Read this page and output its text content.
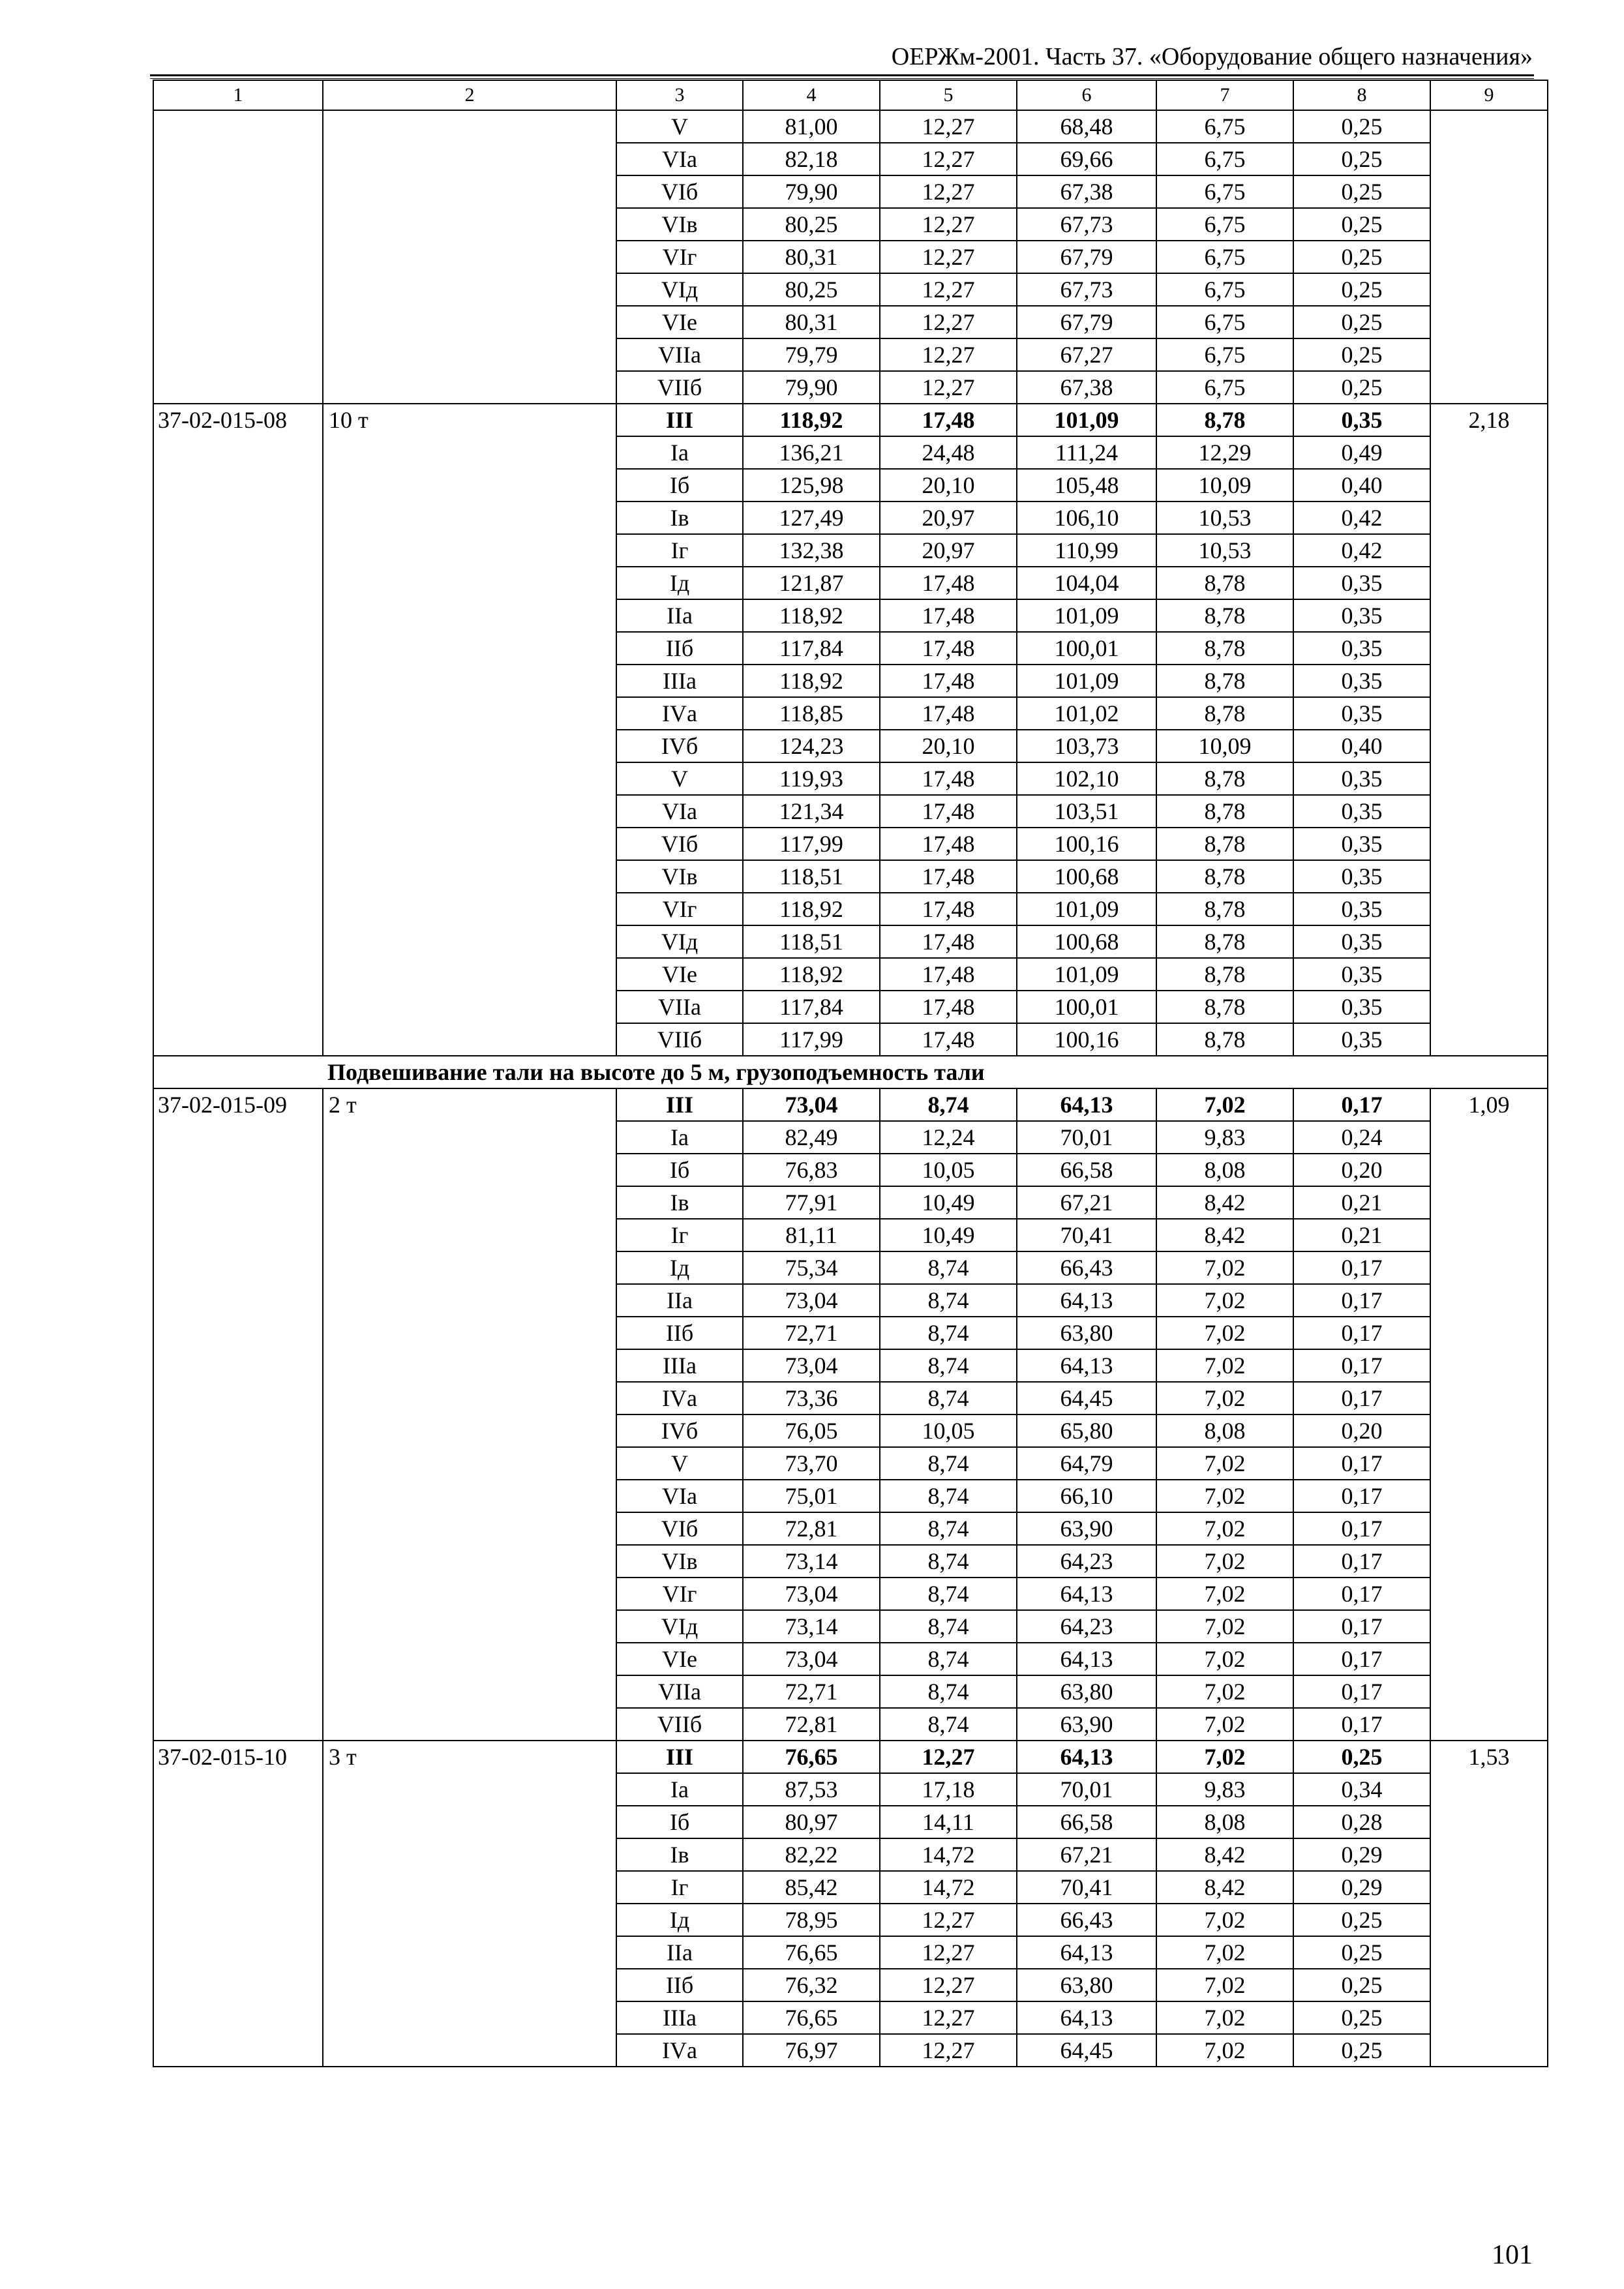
ОЕРЖм-2001. Часть 37. «Оборудование общего назначения»
1	2	3	4	5	6	7	8	9
		V	81,00	12,27	68,48	6,75	0,25	
		VIа	82,18	12,27	69,66	6,75	0,25	
		VIб	79,90	12,27	67,38	6,75	0,25	
		VIв	80,25	12,27	67,73	6,75	0,25	
		VIг	80,31	12,27	67,79	6,75	0,25	
		VIд	80,25	12,27	67,73	6,75	0,25	
		VIе	80,31	12,27	67,79	6,75	0,25	
		VIIа	79,79	12,27	67,27	6,75	0,25	
		VIIб	79,90	12,27	67,38	6,75	0,25	
37-02-015-08	10 т	III	118,92	17,48	101,09	8,78	0,35	2,18
		Iа	136,21	24,48	111,24	12,29	0,49	
		Iб	125,98	20,10	105,48	10,09	0,40	
		Iв	127,49	20,97	106,10	10,53	0,42	
		Iг	132,38	20,97	110,99	10,53	0,42	
		Iд	121,87	17,48	104,04	8,78	0,35	
		IIа	118,92	17,48	101,09	8,78	0,35	
		IIб	117,84	17,48	100,01	8,78	0,35	
		IIIа	118,92	17,48	101,09	8,78	0,35	
		IVа	118,85	17,48	101,02	8,78	0,35	
		IVб	124,23	20,10	103,73	10,09	0,40	
		V	119,93	17,48	102,10	8,78	0,35	
		VIа	121,34	17,48	103,51	8,78	0,35	
		VIб	117,99	17,48	100,16	8,78	0,35	
		VIв	118,51	17,48	100,68	8,78	0,35	
		VIг	118,92	17,48	101,09	8,78	0,35	
		VIд	118,51	17,48	100,68	8,78	0,35	
		VIе	118,92	17,48	101,09	8,78	0,35	
		VIIа	117,84	17,48	100,01	8,78	0,35	
		VIIб	117,99	17,48	100,16	8,78	0,35	
Подвешивание тали на высоте до 5 м, грузоподъемность тали								
37-02-015-09	2 т	III	73,04	8,74	64,13	7,02	0,17	1,09
		Iа	82,49	12,24	70,01	9,83	0,24	
		Iб	76,83	10,05	66,58	8,08	0,20	
		Iв	77,91	10,49	67,21	8,42	0,21	
		Iг	81,11	10,49	70,41	8,42	0,21	
		Iд	75,34	8,74	66,43	7,02	0,17	
		IIа	73,04	8,74	64,13	7,02	0,17	
		IIб	72,71	8,74	63,80	7,02	0,17	
		IIIа	73,04	8,74	64,13	7,02	0,17	
		IVа	73,36	8,74	64,45	7,02	0,17	
		IVб	76,05	10,05	65,80	8,08	0,20	
		V	73,70	8,74	64,79	7,02	0,17	
		VIа	75,01	8,74	66,10	7,02	0,17	
		VIб	72,81	8,74	63,90	7,02	0,17	
		VIв	73,14	8,74	64,23	7,02	0,17	
		VIг	73,04	8,74	64,13	7,02	0,17	
		VIд	73,14	8,74	64,23	7,02	0,17	
		VIе	73,04	8,74	64,13	7,02	0,17	
		VIIа	72,71	8,74	63,80	7,02	0,17	
		VIIб	72,81	8,74	63,90	7,02	0,17	
37-02-015-10	3 т	III	76,65	12,27	64,13	7,02	0,25	1,53
		Iа	87,53	17,18	70,01	9,83	0,34	
		Iб	80,97	14,11	66,58	8,08	0,28	
		Iв	82,22	14,72	67,21	8,42	0,29	
		Iг	85,42	14,72	70,41	8,42	0,29	
		Iд	78,95	12,27	66,43	7,02	0,25	
		IIа	76,65	12,27	64,13	7,02	0,25	
		IIб	76,32	12,27	63,80	7,02	0,25	
		IIIа	76,65	12,27	64,13	7,02	0,25	
		IVа	76,97	12,27	64,45	7,02	0,25	
101
